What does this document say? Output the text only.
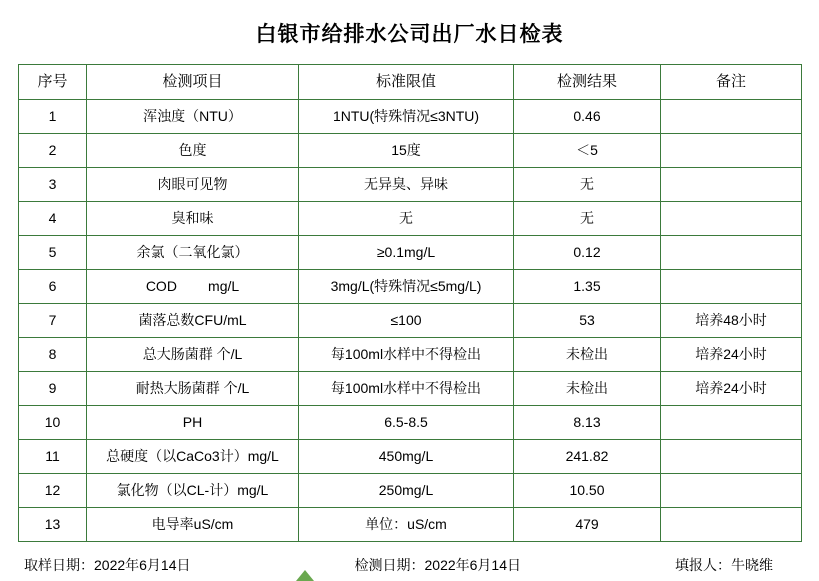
白银市给排水公司出厂水日检表
序号	检测项目	标准限值	检测结果	备注
1	浑浊度（NTU）	1NTU(特殊情况≤3NTU)	0.46	
2	色度	15度	＜5	
3	肉眼可见物	无异臭、异味	无	
4	臭和味	无	无	
5	余氯（二氧化氯）	≥0.1mg/L	0.12	
6	COD        mg/L	3mg/L(特殊情况≤5mg/L)	1.35	
7	菌落总数CFU/mL	≤100	53	培养48小时
8	总大肠菌群 个/L	每100ml水样中不得检出	未检出	培养24小时
9	耐热大肠菌群 个/L	每100ml水样中不得检出	未检出	培养24小时
10	PH	6.5-8.5	8.13	
11	总硬度（以CaCo3计）mg/L	450mg/L	241.82	
12	氯化物（以CL-计）mg/L	250mg/L	10.50	
13	电导率uS/cm	单位：uS/cm	479	
取样日期：2022年6月14日	检测日期：2022年6月14日	填报人：牛晓维
